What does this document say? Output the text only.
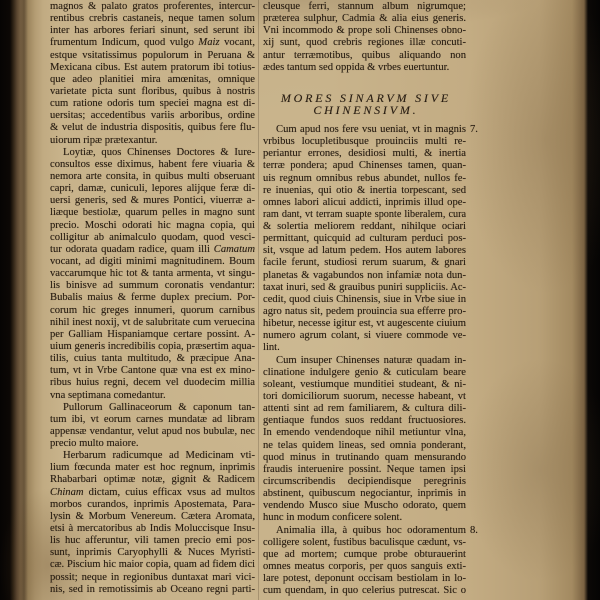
magnos & palato gratos proferentes, intercur-
rentibus crebris castaneis, neque tamen solum
inter has arbores feriari sinunt, sed serunt ibi
frumentum Indicum, quod vulgo Maiz vocant,
estque vsitatissimus populorum in Peruana &
Mexicana cibus. Est autem pratorum ibi totius-
que adeo planitiei mira amœnitas, omnique
varietate picta sunt floribus, quibus à nostris
cum ratione odoris tum speciei magna est di-
uersitas; accedentibus variis arboribus, ordine
& velut de industria dispositis, quibus fere flu-
uiorum ripæ prætexantur.
Loytiæ, quos Chinenses Doctores & Iure-
consultos esse diximus, habent fere viuaria &
nemora arte consita, in quibus multi obseruant
capri, damæ, cuniculi, lepores alijque feræ di-
uersi generis, sed & mures Pontici, viuerræ a-
liæque bestiolæ, quarum pelles in magno sunt
precio. Moschi odorati hic magna copia, qui
colligitur ab animalculo quodam, quod vesci-
tur odorata quadam radice, quam illi Camatum
vocant, ad digiti minimi magnitudinem. Boum
vaccarumque hic tot & tanta armenta, vt singu-
lis binisve ad summum coronatis vendantur:
Bubalis maius & ferme duplex precium. Por-
corum hic greges innumeri, quorum carnibus
nihil inest noxij, vt de salubritate cum veruecina
per Galliam Hispaniamque certare possint. A-
uium generis incredibilis copia, præsertim aqua-
tilis, cuius tanta multitudo, & præcipue Ana-
tum, vt in Vrbe Cantone quæ vna est ex mino-
ribus huius regni, decem vel duodecim millia
vna septimana comedantur.
Pullorum Gallinaceorum & caponum tan-
tum ibi, vt eorum carnes mundatæ ad libram
appensæ vendantur, velut apud nos bubulæ, nec
precio multo maiore.
Herbarum radicumque ad Medicinam vti-
lium fœcunda mater est hoc regnum, inprimis
Rhabarbari optimæ notæ, gignit & Radicem
Chinam dictam, cuius efficax vsus ad multos
morbos curandos, inprimis Apostemata, Para-
lysin & Morbum Venereum. Cætera Aromata,
etsi à mercatoribus ab Indis Moluccisque Insu-
lis huc afferuntur, vili tamen precio emi pos-
sunt, inprimis Caryophylli & Nuces Myristi-
cæ. Piscium hic maior copia, quam ad fidem dici
possit; neque in regionibus duntaxat mari vici-
nis, sed in remotissimis ab Oceano regni parti-
cleusque ferri, stannum album nigrumque;
præterea sulphur, Cadmia & alia eius generis.
Vni incommodo & prope soli Chinenses obno-
xij sunt, quod crebris regiones illæ concuti-
antur terræmotibus, quibus aliquando non
ædes tantum sed oppida & vrbes euertuntur.
MORES SINARVM SIVE
CHINENSIVM.
Cum apud nos fere vsu ueniat, vt in magnis 7.
vrbibus locupletibusque prouinciis multi re-
periantur errones, desidiosi multi, & inertia
terræ pondera; apud Chinenses tamen, quan-
uis regnum omnibus rebus abundet, nullos fe-
re inuenias, qui otio & inertia torpescant, sed
omnes labori alicui addicti, inprimis illud ope-
ram dant, vt terram suapte sponte liberalem, cura
& solertia meliorem reddant, nihilque ociari
permittant, quicquid ad culturam perduci pos-
sit, vsque ad latum pedem. Hos autem labores
facile ferunt, studiosi rerum suarum, & gnari
planetas & vagabundos non infamiæ nota dun-
taxat inuri, sed & grauibus puniri suppliciis. Ac-
cedit, quod ciuis Chinensis, siue in Vrbe siue in
agro natus sit, pedem prouincia sua efferre pro-
hibetur, necesse igitur est, vt augescente ciuium
numero agrum colant, si viuere commode ve-
lint.
Cum insuper Chinenses naturæ quadam in-
clinatione indulgere genio & cuticulam beare
soleant, vestiumque munditiei studeant, & ni-
tori domiciliorum suorum, necesse habeant, vt
attenti sint ad rem familiarem, & cultura dili-
gentiaque fundos suos reddant fructuosiores.
In emendo vendendoque nihil metiuntur vlna,
ne telas quidem lineas, sed omnia ponderant,
quod minus in trutinando quam mensurando
fraudis interuenire possint. Neque tamen ipsi
circumscribendis decipiendisque peregrinis
abstinent, quibuscum negociantur, inprimis in
vendendo Musco siue Muscho odorato, quem
hunc in modum conficere solent.
Animalia illa, à quibus hoc odoramentum 8.
colligere solent, fustibus baculisque cædunt, vs-
que ad mortem; cumque probe obturauerint
omnes meatus corporis, per quos sanguis exti-
lare potest, deponunt occisam bestiolam in lo-
cum quendam, in quo celerius putrescat. Sic o
